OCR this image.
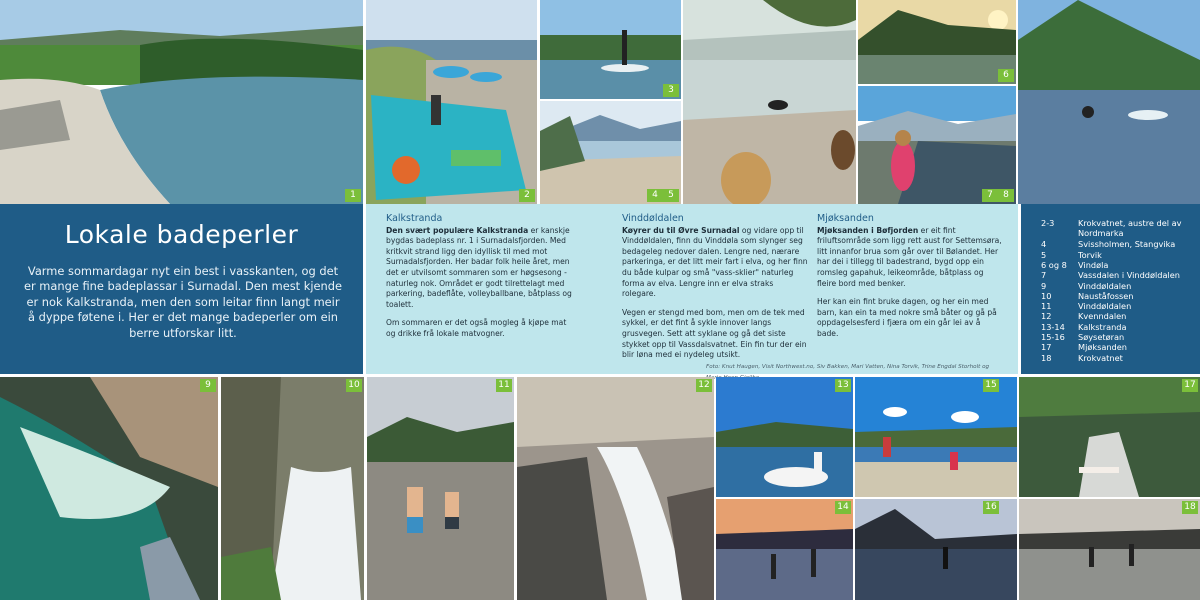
1	2
3
4	5
6
7	8
Lokale badeperler
Varme sommardagar nyt ein best i vasskanten, og det er mange fine badeplassar i Surnadal. Den mest kjende er nok Kalkstranda, men den som leitar finn langt meir å dyppe føtene i. Her er det mange badeperler om ein berre utforskar litt.
Kalkstranda

Den svært populære Kalkstranda er kanskje bygdas badeplass nr. 1 i Surnadalsfjorden. Med kritkvit strand ligg den idyllisk til med mot Surnadalsfjorden. Her badar folk heile året, men det er utvilsomt sommaren som er høgsesong - naturleg nok. Området er godt tilrettelagt med parkering, badeflåte, volleyballbane, båtplass og toalett.

Om sommaren er det også mogleg å kjøpe mat og drikke frå lokale matvogner.

Vinddøldalen

Køyrer du til Øvre Surnadal og vidare opp til Vinddøldalen, finn du Vinddøla som slynger seg bedageleg nedover dalen. Lengre ned, nærare parkeringa, er det litt meir fart i elva, og her finn du både kulpar og små "vass-sklier" naturleg forma av elva. Lengre inn er elva straks rolegare.

Vegen er stengd med bom, men om de tek med sykkel, er det fint å sykle innover langs grusvegen. Sett att syklane og gå det siste stykket opp til Vassdalsvatnet. Ein fin tur der ein blir løna med ei nydeleg utsikt.

Mjøksanden

Mjøksanden i Bøfjorden er eit fint friluftsområde som ligg rett aust for Settemsøra, litt innanfor brua som går over til Bølandet. Her har dei i tillegg til badestrand, bygd opp ein romsleg gapahuk, leikeområde, båtplass og fleire bord med benker.

Her kan ein fint bruke dagen, og her ein med barn, kan ein ta med nokre små båter og gå på oppdagelsesferd i fjæra om ein går lei av å bade.

Foto: Knut Haugen, Visit Northwest.no, Siv Bakken, Mari Vatten, Nina Torvik, Trine Engdal Storholt og
2-3	Krokvatnet, austre del av Nordmarka
4	Svissholmen, Stangvika
5	Torvik
6 og 8	Vindøla
7	Vassdalen i Vinddøldalen
9	Vinddøldalen
10	Nauståfossen
11	Vinddøldalen
12	Kvenndalen
13-14	Kalkstranda
15-16	Søysetøran
17	Mjøksanden
18	Krokvatnet
9	10	11	12	13
14
15
16
17
18
